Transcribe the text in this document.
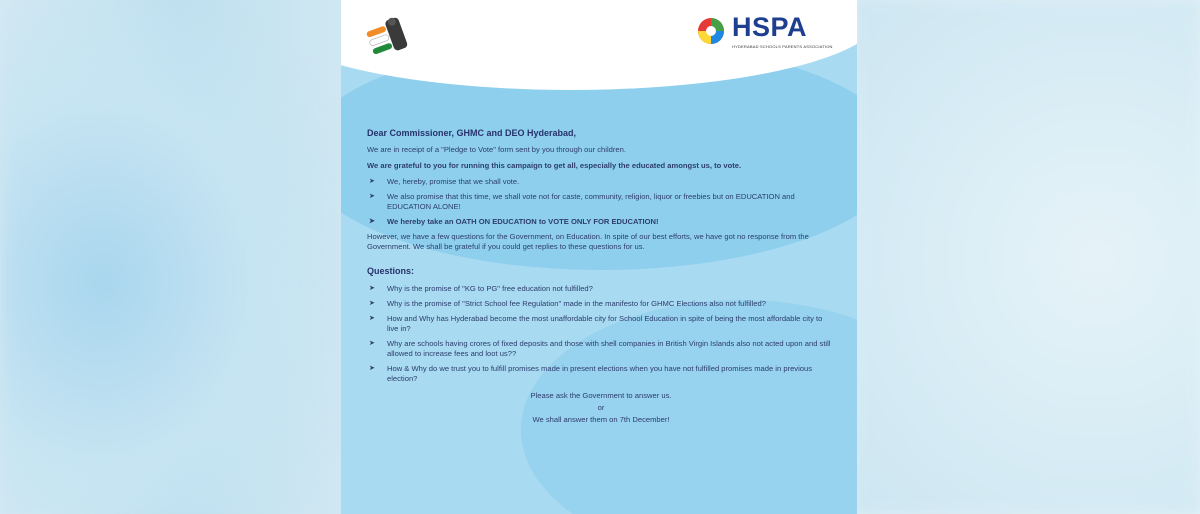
HSPA
HYDERABAD SCHOOLS PARENTS ASSOCIATION
Dear Commissioner, GHMC and DEO Hyderabad,

We are in receipt of a "Pledge to Vote" form sent by you through our children.

We are grateful to you for running this campaign to get all, especially the educated amongst us, to vote.

➤ We, hereby, promise that we shall vote.
➤ We also promise that this time, we shall vote not for caste, community, religion, liquor or freebies but on EDUCATION and EDUCATION ALONE!
➤ We hereby take an OATH ON EDUCATION to VOTE ONLY FOR EDUCATION!

However, we have a few questions for the Government, on Education. In spite of our best efforts, we have got no response from the Government. We shall be grateful if you could get replies to these questions for us.

Questions:
➤ Why is the promise of "KG to PG" free education not fulfilled?
➤ Why is the promise of "Strict School fee Regulation" made in the manifesto for GHMC Elections also not fulfilled?
➤ How and Why has Hyderabad become the most unaffordable city for School Education in spite of being the most affordable city to live in?
➤ Why are schools having crores of fixed deposits and those with shell companies in British Virgin Islands also not acted upon and still allowed to increase fees and loot us??
➤ How & Why do we trust you to fulfill promises made in present elections when you have not fulfilled promises made in previous election?
Please ask the Government to answer us.
or
We shall answer them on 7th December!
